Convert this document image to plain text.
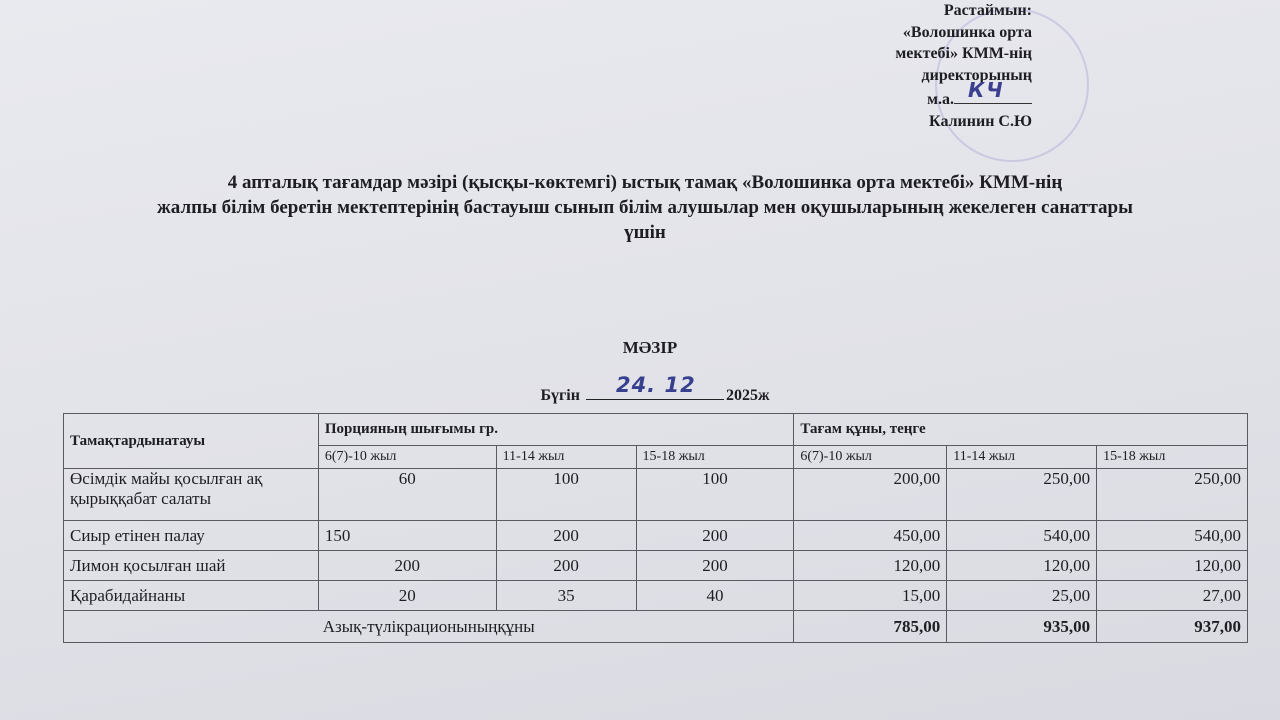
Растаймын:
«Волошинка орта
мектебі» КММ-нің
директорының
м.а. КЧ
Калинин С.Ю
4 апталық тағамдар мәзірі (қысқы-көктемгі) ыстық тамақ «Волошинка орта мектебі» КММ-нің
жалпы білім беретін мектептерінің бастауыш сынып білім алушылар мен оқушыларының жекелеген санаттары
үшін
МӘЗІР
Бүгін 24. 12 2025ж
Тамақтардынатауы	Порцияның шығымы гр.			Тағам құны, теңге		
	6(7)-10 жыл	11-14 жыл	15-18 жыл	6(7)-10 жыл	11-14 жыл	15-18 жыл
Өсімдік майы қосылған ақ қырыққабат салаты	60	100	100	200,00	250,00	250,00
Сиыр етінен палау	150	200	200	450,00	540,00	540,00
Лимон қосылған шай	200	200	200	120,00	120,00	120,00
Қарабидайнаны	20	35	40	15,00	25,00	27,00
Азық-түлікрационыныңқұны				785,00	935,00	937,00
